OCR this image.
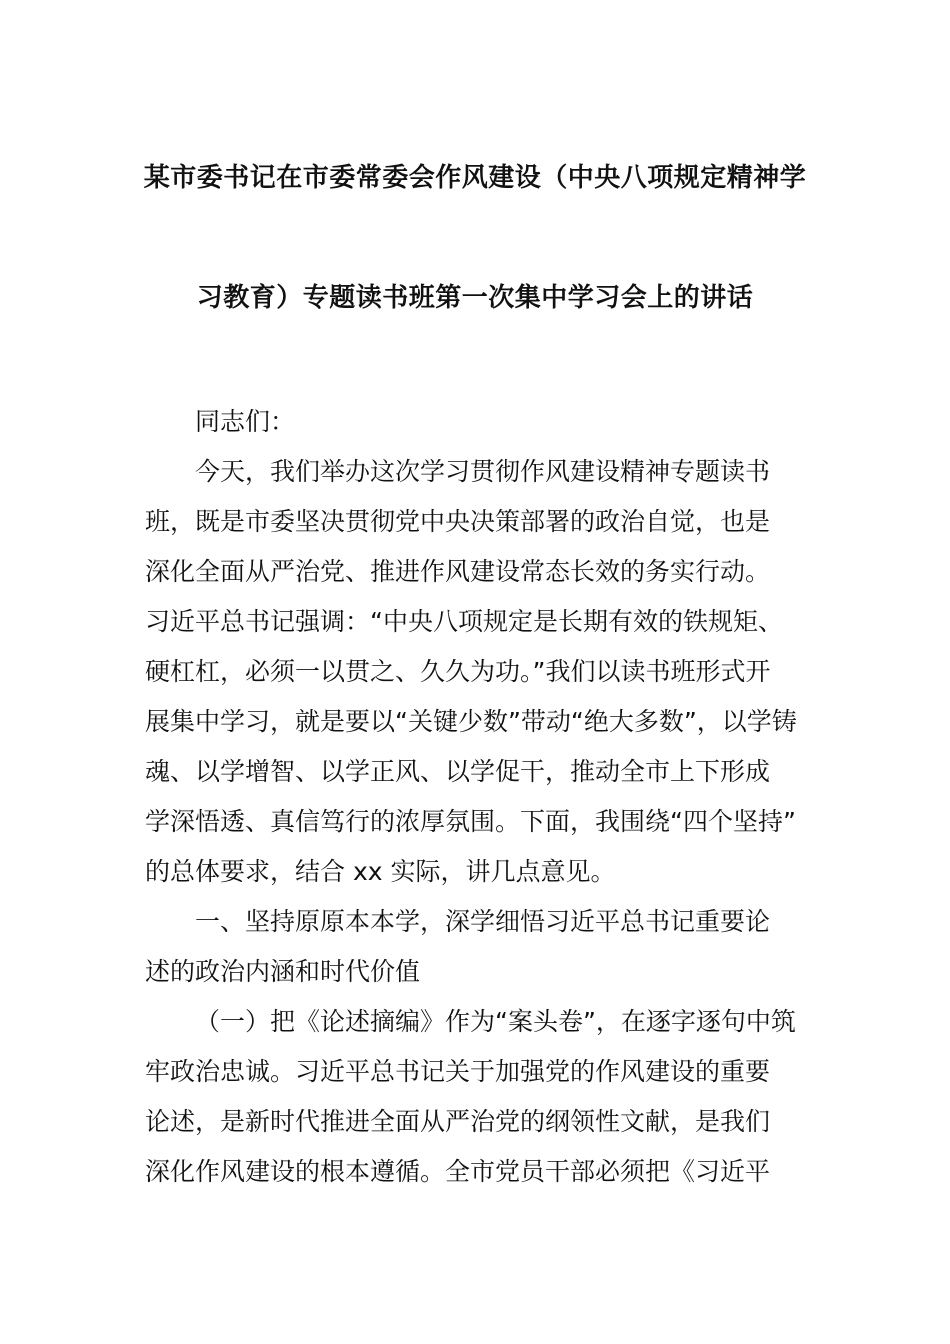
某市委书记在市委常委会作风建设（中央八项规定精神学
习教育）专题读书班第一次集中学习会上的讲话
同志们：
今天，我们举办这次学习贯彻作风建设精神专题读书
班，既是市委坚决贯彻党中央决策部署的政治自觉，也是
深化全面从严治党、推进作风建设常态长效的务实行动。
习近平总书记强调：“中央八项规定是长期有效的铁规矩、
硬杠杠，必须一以贯之、久久为功。”我们以读书班形式开
展集中学习，就是要以“关键少数”带动“绝大多数”，以学铸
魂、以学增智、以学正风、以学促干，推动全市上下形成
学深悟透、真信笃行的浓厚氛围。下面，我围绕“四个坚持”
的总体要求，结合 xx 实际，讲几点意见。
一、坚持原原本本学，深学细悟习近平总书记重要论
述的政治内涵和时代价值
（一）把《论述摘编》作为“案头卷”，在逐字逐句中筑
牢政治忠诚。习近平总书记关于加强党的作风建设的重要
论述，是新时代推进全面从严治党的纲领性文献，是我们
深化作风建设的根本遵循。全市党员干部必须把《习近平
